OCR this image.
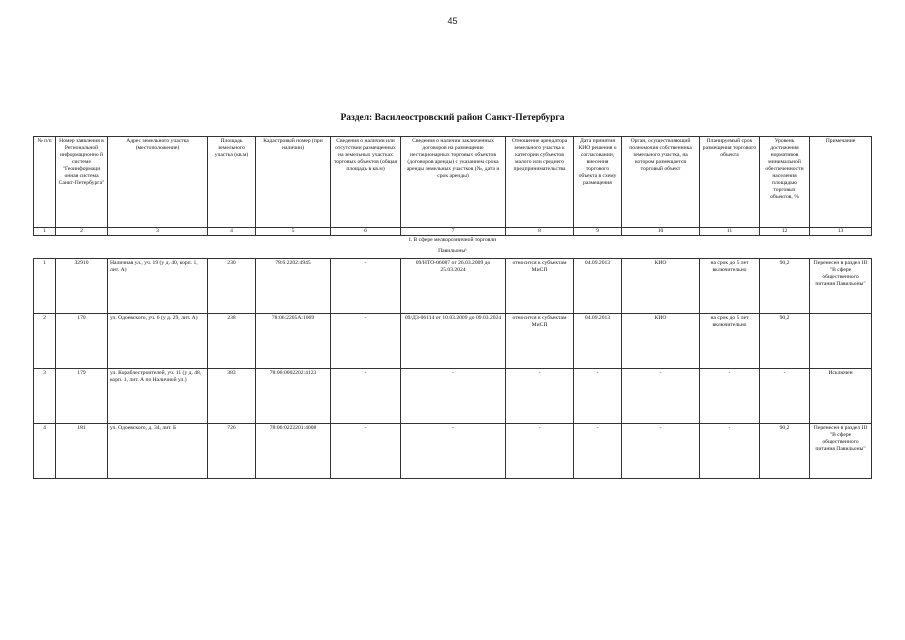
45
Раздел: Василеостровский район Санкт-Петербурга
№ п/п	Номер заявления в Региональной информационно й системе "Геоинформаци онная система Санкт-Петербурга"	Адрес земельного участка (местоположение)	Площадь земельного участка (кв.м)	Кадастровый номер (при наличии)	Сведения о наличии или отсутствии размещенных на земельных участках торговых объектов (общая площадь в кв.м)	Сведения о наличии заключенных договоров на размещение нестационарных торговых объектов (договоров аренды) с указанием срока аренды земельных участков (№, дата и срок аренды)	Отношение арендатора земельного участка к категории субъектов малого или среднего предпринимательства	Дата принятия КИО решения о согласовании, внесения торгового объекта в схему размещения	Орган, осуществляющий полномочия собственника земельного участка, на котором размещается торговый объект	Планируемый срок размещения торгового объекта	Уровень достижения нормативов минимальной обеспеченности населения площадью торговых объектов, %	Примечание
1	2	3	4	5	6	7	8	9	10	11	12	13
I. В сфере мелкорозничной торговли												
Павильоны¹												
1	32910	Наличная ул., уч. 19 (у д. 40, корп. 1, лит. А)	230	78:6:2202:4945	-	09/НТО-06087 от 26.03.2009 до 25.03.2024	относится к субъектам МиСП	04.09.2013	КИО	на срок до 5 лет включительно	90,2	Перенесен в раздел III "В сфере общественного питания Павильоны"
2	170	ул. Одоевского, уч. 6 (у д. 29, лит. А)	238	78:06:2205A:1069	-	09/ДЗ-06114 от 10.03.2009 до 09.03.2024	относится к субъектам МиСП	04.09.2013	КИО	на срок до 5 лет включительно	90,2	
3	179	ул. Кораблестроителей, уч. 11 (у д. 48, корп. 1, лит. А по Наличной ул.)	383	78:06:0002202:4123	-	-	-	-	-	-	-	Исключен
4	181	ул. Одоевского, д. 34, лит. Б	726	78:06:0222201:4008	-	-	-	-	-	-	90,2	Перенесен в раздел III "В сфере общественного питания Павильоны"
